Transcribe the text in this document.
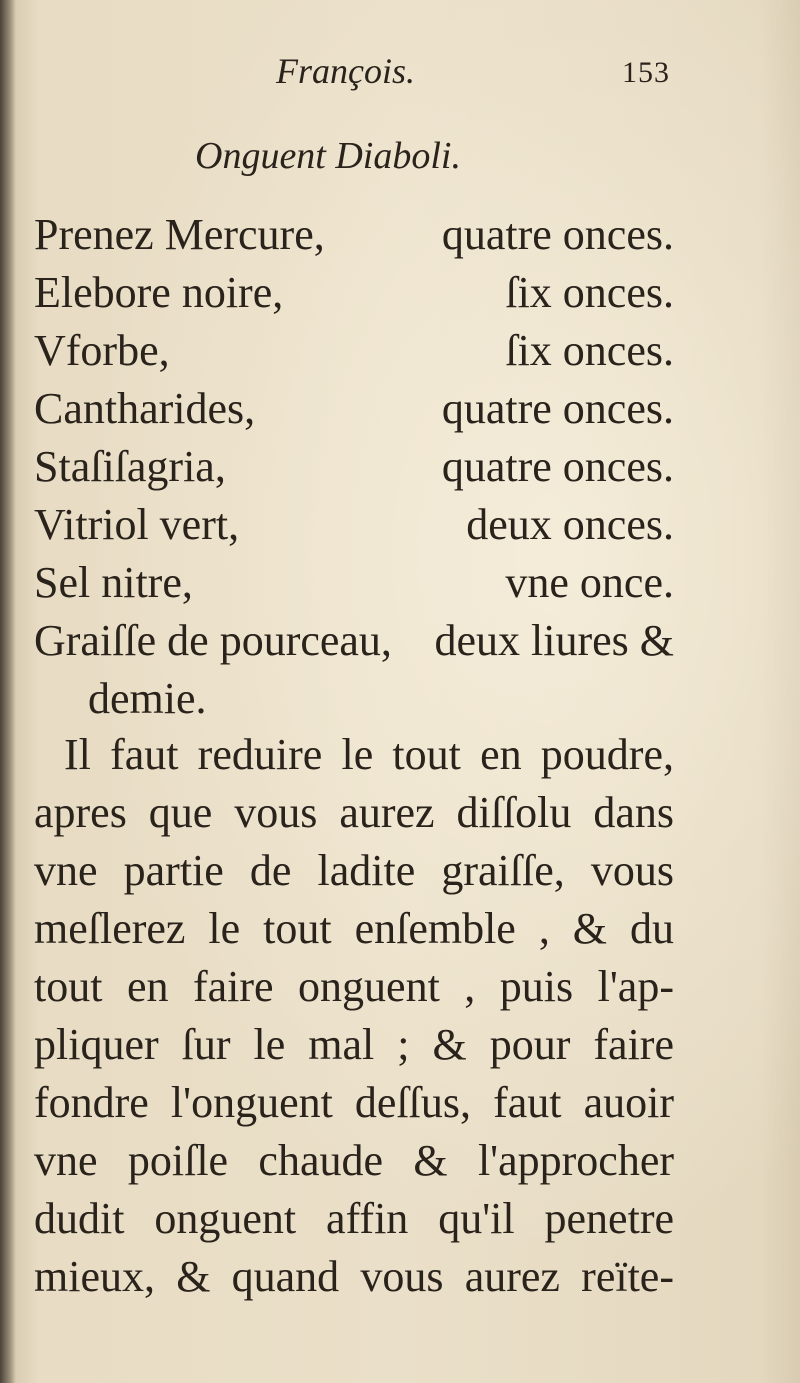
François.	153
Onguent Diaboli.
Prenez Mercure,	quatre onces.
Elebore noire,	ſix onces.
Vforbe,	ſix onces.
Cantharides,	quatre onces.
Staſiſagria,	quatre onces.
Vitriol vert,	deux onces.
Sel nitre,	vne once.
Graiſſe de pourceau, deux liures &
demie.
Il faut reduire le tout en poudre,
apres que vous aurez diſſolu dans
vne partie de ladite graiſſe, vous
meſlerez le tout enſemble , & du
tout en faire onguent , puis l'ap-
pliquer ſur le mal ; & pour faire
fondre l'onguent deſſus, faut auoir
vne poiſle chaude & l'approcher
dudit onguent affin qu'il penetre
mieux, & quand vous aurez reïte-
